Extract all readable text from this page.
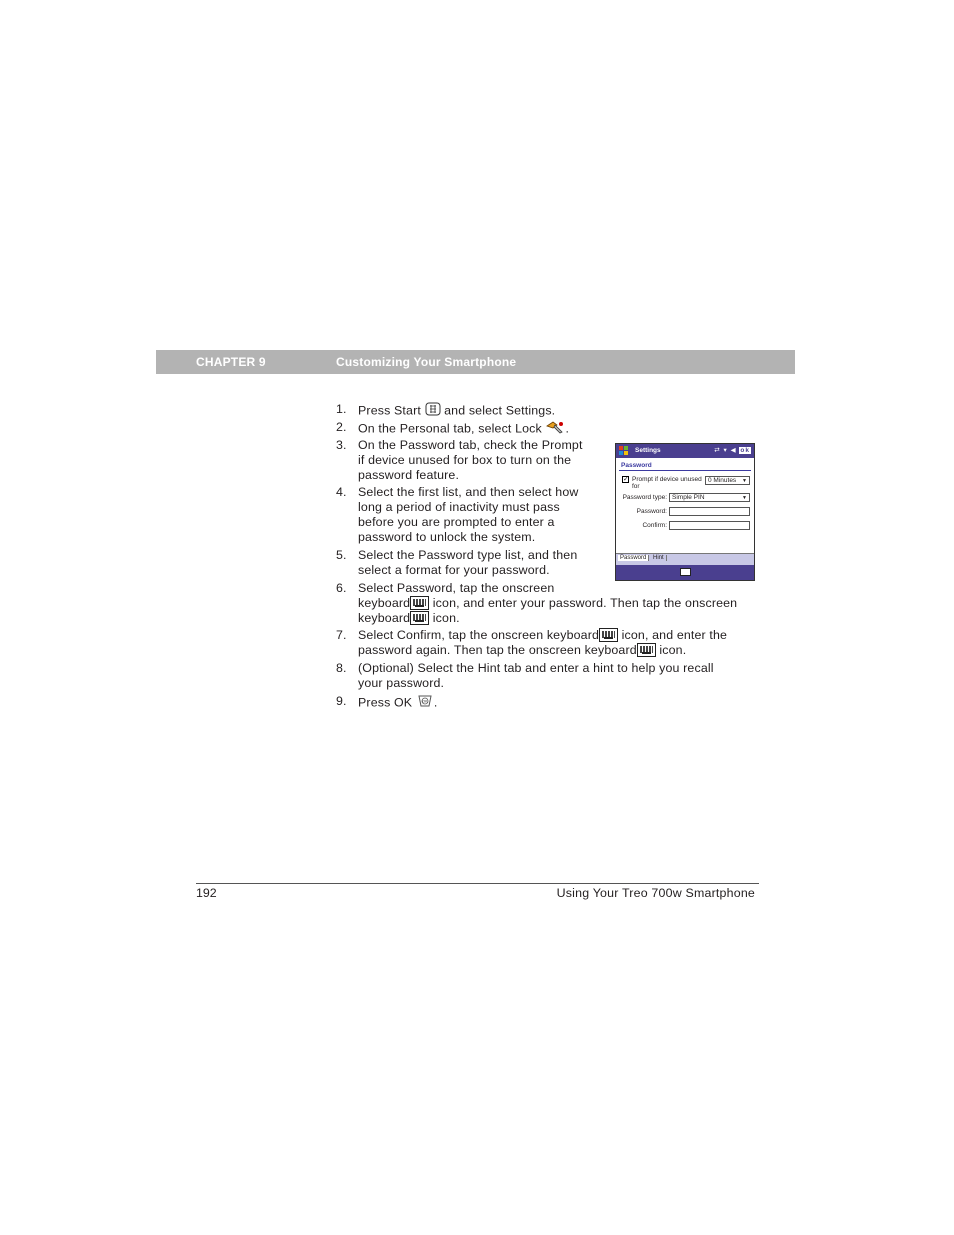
CHAPTER 9	Customizing Your Smartphone
1. Press Start and select Settings.
2. On the Personal tab, select Lock .
3. On the Password tab, check the Prompt
if device unused for box to turn on the
password feature.
4. Select the first list, and then select how
long a period of inactivity must pass
before you are prompted to enter a
password to unlock the system.
5. Select the Password type list, and then
select a format for your password.
6. Select Password, tap the onscreen
keyboard icon, and enter your password. Then tap the onscreen
keyboard icon.
7. Select Confirm, tap the onscreen keyboard icon, and enter the
password again. Then tap the onscreen keyboard icon.
8. (Optional) Select the Hint tab and enter a hint to help you recall
your password.
9. Press OK	OK .
Settings	⇄ ▾ ◀ ok
Password
✓ Prompt if device unused for
0 Minutes ▼
Password type: Simple PIN	▼
Password:
Confirm:
Password	Hint
192	Using Your Treo 700w Smartphone
